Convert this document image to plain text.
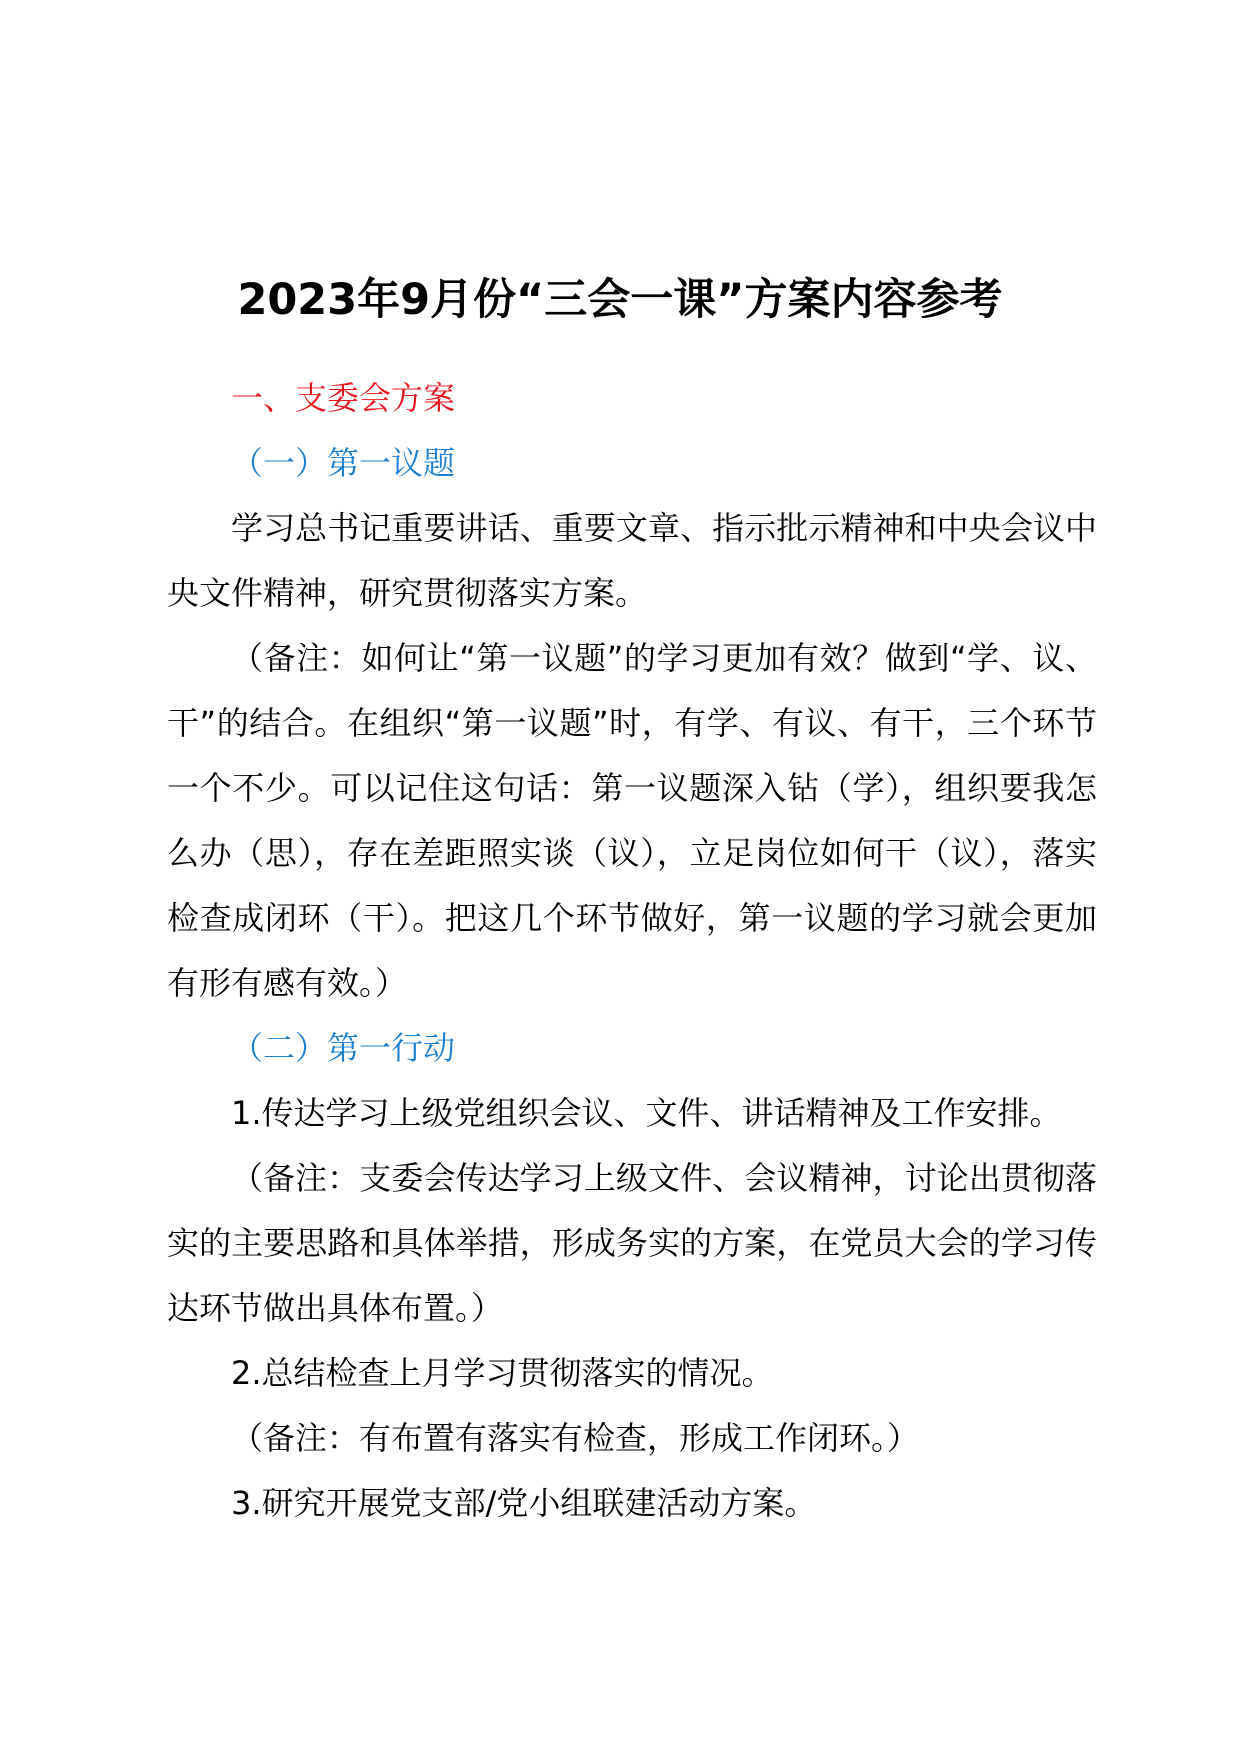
2023年9月份“三会一课”方案内容参考

一、支委会方案

（一）第一议题

学习总书记重要讲话、重要文章、指示批示精神和中央会议中央文件精神，研究贯彻落实方案。

（备注：如何让“第一议题”的学习更加有效？做到“学、议、干”的结合。在组织“第一议题”时，有学、有议、有干，三个环节一个不少。可以记住这句话：第一议题深入钻（学），组织要我怎么办（思），存在差距照实谈（议），立足岗位如何干（议），落实检查成闭环（干）。把这几个环节做好，第一议题的学习就会更加有形有感有效。）

（二）第一行动

1.传达学习上级党组织会议、文件、讲话精神及工作安排。

（备注：支委会传达学习上级文件、会议精神，讨论出贯彻落实的主要思路和具体举措，形成务实的方案，在党员大会的学习传达环节做出具体布置。）

2.总结检查上月学习贯彻落实的情况。

（备注：有布置有落实有检查，形成工作闭环。）

3.研究开展党支部/党小组联建活动方案。
